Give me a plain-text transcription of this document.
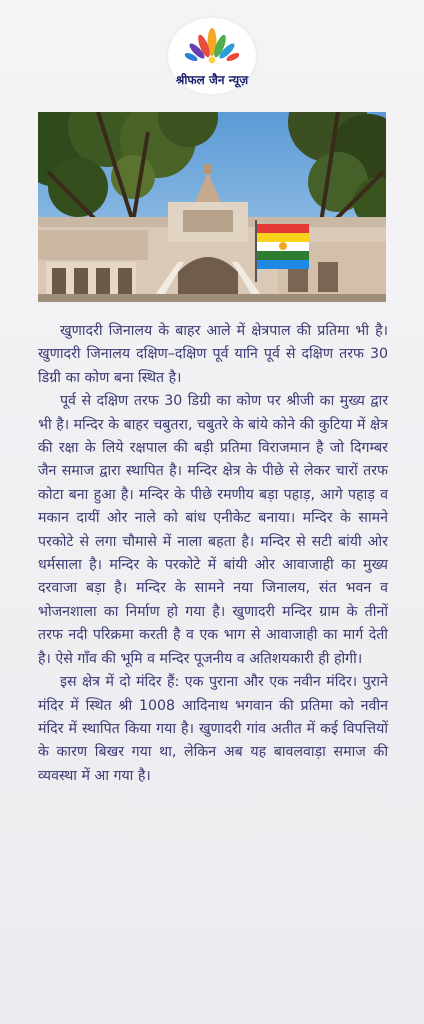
श्रीफल जैन न्यूज़

खुणादरी जिनालय के बाहर आले में क्षेत्रपाल की प्रतिमा भी है। खुणादरी जिनालय दक्षिण–दक्षिण पूर्व यानि पूर्व से दक्षिण तरफ 30 डिग्री का कोण बना स्थित है।

पूर्व से दक्षिण तरफ 30 डिग्री का कोण पर श्रीजी का मुख्य द्वार भी है। मन्दिर के बाहर चबुतरा, चबुतरे के बांये कोने की कुटिया में क्षेत्र की रक्षा के लिये रक्षपाल की बड़ी प्रतिमा विराजमान है जो दिगम्बर जैन समाज द्वारा स्थापित है। मन्दिर क्षेत्र के पीछे से लेकर चारों तरफ कोटा बना हुआ है। मन्दिर के पीछे रमणीय बड़ा पहाड़, आगे पहाड़ व मकान दायीं ओर नाले को बांध एनीकेट बनाया। मन्दिर के सामने परकोटे से लगा चौमासे में नाला बहता है। मन्दिर से सटी बांयी ओर धर्मसाला है। मन्दिर के परकोटे में बांयी ओर आवाजाही का मुख्य दरवाजा बड़ा है। मन्दिर के सामने नया जिनालय, संत भवन व भोजनशाला का निर्माण हो गया है। खुणादरी मन्दिर ग्राम के तीनों तरफ नदी परिक्रमा करती है व एक भाग से आवाजाही का मार्ग देती है। ऐसे गाँव की भूमि व मन्दिर पूजनीय व अतिशयकारी ही होगी।

इस क्षेत्र में दो मंदिर हैं: एक पुराना और एक नवीन मंदिर। पुराने मंदिर में स्थित श्री 1008 आदिनाथ भगवान की प्रतिमा को नवीन मंदिर में स्थापित किया गया है। खुणादरी गांव अतीत में कई विपत्तियों के कारण बिखर गया था, लेकिन अब यह बावलवाड़ा समाज की व्यवस्था में आ गया है।
